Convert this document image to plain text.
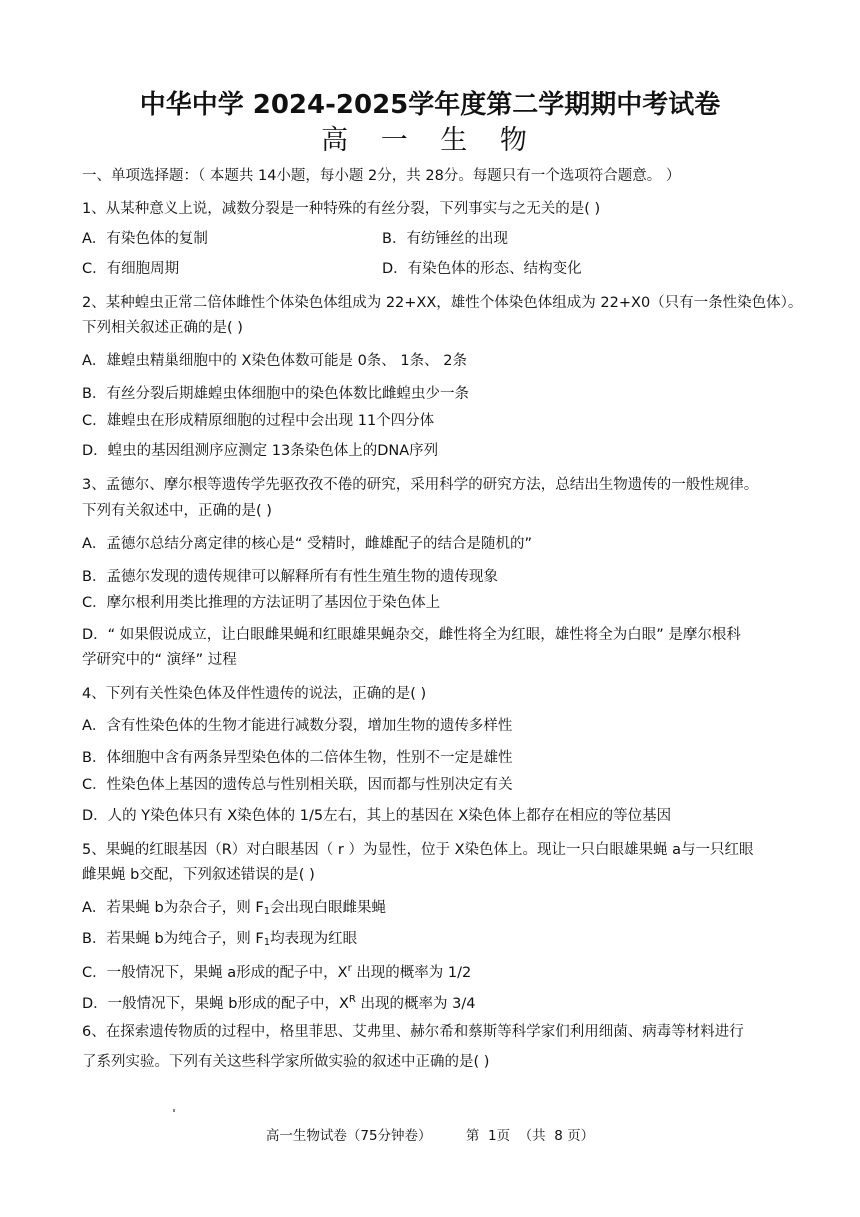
中华中学 2024-2025学年度第二学期期中考试卷
高 一 生 物
一、单项选择题：（ 本题共 14小题，每小题 2分，共 28分。每题只有一个选项符合题意。 ）
1、从某种意义上说，减数分裂是一种特殊的有丝分裂，下列事实与之无关的是( )
A．有染色体的复制	B．有纺锤丝的出现
C．有细胞周期	D．有染色体的形态、结构变化
2、某种蝗虫正常二倍体雌性个体染色体组成为 22+XX，雄性个体染色体组成为 22+X0（只有一条性染色体）。
下列相关叙述正确的是( )
A．雄蝗虫精巢细胞中的 X染色体数可能是 0条、 1条、 2条
B．有丝分裂后期雄蝗虫体细胞中的染色体数比雌蝗虫少一条
C．雄蝗虫在形成精原细胞的过程中会出现 11个四分体
D．蝗虫的基因组测序应测定 13条染色体上的DNA序列
3、孟德尔、摩尔根等遗传学先驱孜孜不倦的研究，采用科学的研究方法，总结出生物遗传的一般性规律。
下列有关叙述中，正确的是( )
A．孟德尔总结分离定律的核心是“ 受精时，雌雄配子的结合是随机的”
B．孟德尔发现的遗传规律可以解释所有有性生殖生物的遗传现象
C．摩尔根利用类比推理的方法证明了基因位于染色体上
D．“ 如果假说成立，让白眼雌果蝇和红眼雄果蝇杂交，雌性将全为红眼，雄性将全为白眼” 是摩尔根科
学研究中的“ 演绎” 过程
4、下列有关性染色体及伴性遗传的说法，正确的是( )
A．含有性染色体的生物才能进行减数分裂，增加生物的遗传多样性
B．体细胞中含有两条异型染色体的二倍体生物，性别不一定是雄性
C．性染色体上基因的遗传总与性别相关联，因而都与性别决定有关
D．人的 Y染色体只有 X染色体的 1/5左右，其上的基因在 X染色体上都存在相应的等位基因
5、果蝇的红眼基因（R）对白眼基因（ r ）为显性，位于 X染色体上。现让一只白眼雄果蝇 a与一只红眼
雌果蝇 b交配，下列叙述错误的是( )
A．若果蝇 b为杂合子，则 $F_1$会出现白眼雌果蝇
B．若果蝇 b为纯合子，则 $F_1$均表现为红眼
C．一般情况下，果蝇 a形成的配子中，$X^r$ 出现的概率为 1/2
D．一般情况下，果蝇 b形成的配子中，$X^R$ 出现的概率为 3/4
6、在探索遗传物质的过程中，格里菲思、艾弗里、赫尔希和蔡斯等科学家们利用细菌、病毒等材料进行
了系列实验。下列有关这些科学家所做实验的叙述中正确的是( )
高一生物试卷（75分钟卷）	第  1页  （共  8 页）
